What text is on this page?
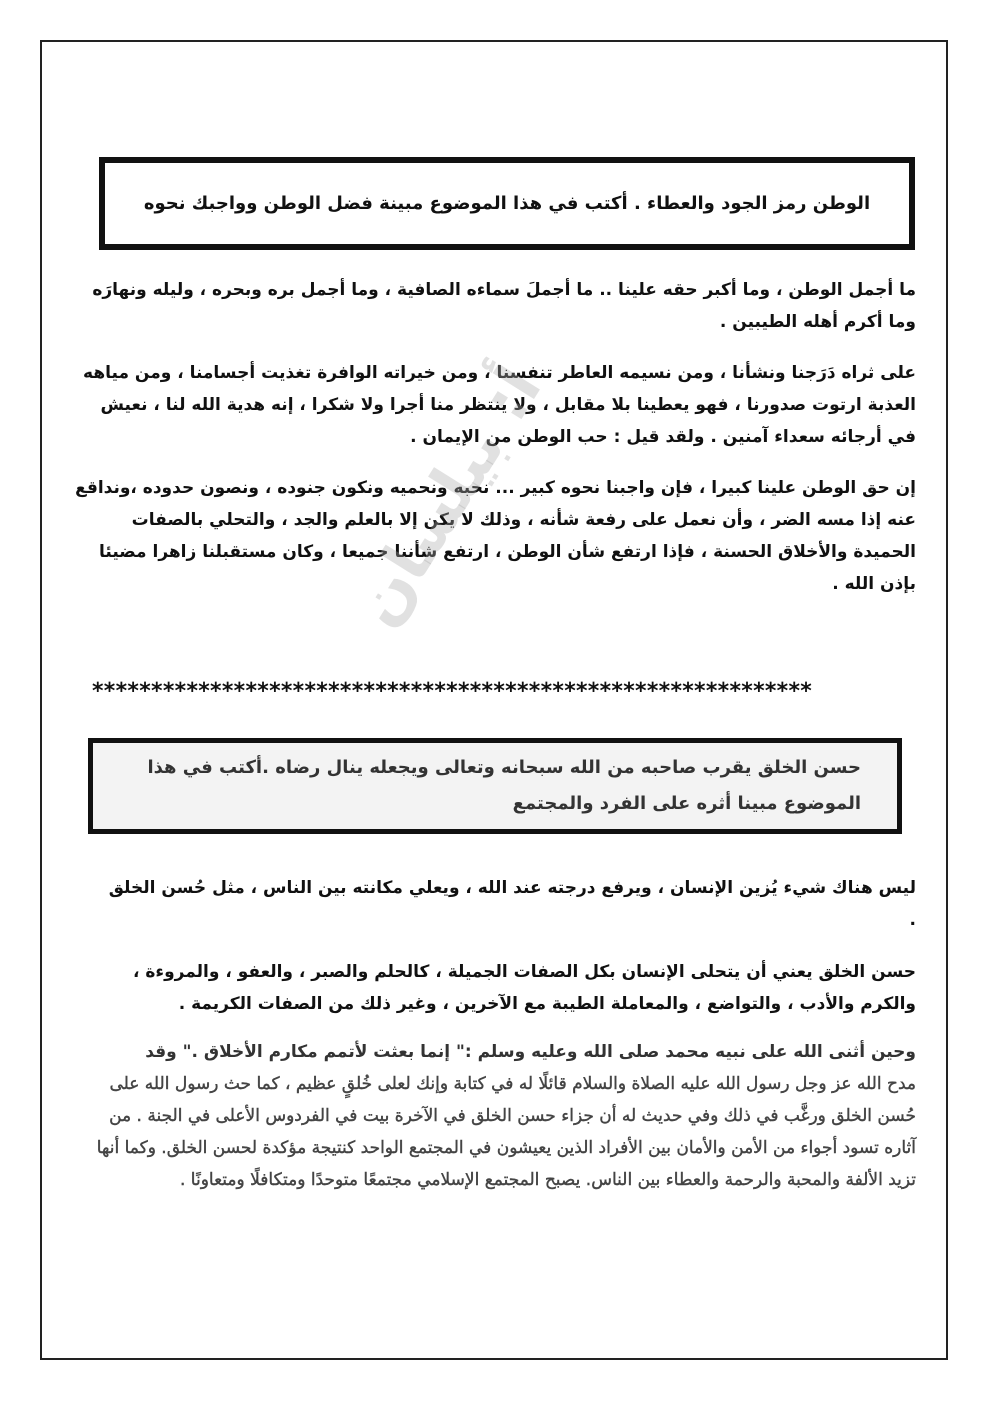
الوطن رمز الجود والعطاء . أكتب في هذا الموضوع مبينة فضل الوطن وواجبك نحوه

ما أجمل الوطن ، وما أكبر حقه علينا .. ما أجملَ سماءه الصافية ، وما أجمل بره وبحره ، وليله ونهارَه وما أكرم أهله الطيبين .

على ثراه دَرَجنا ونشأنا ، ومن نسيمه العاطر تنفسنا ، ومن خيراته الوافرة تغذيت أجسامنا ، ومن مياهه العذبة ارتوت صدورنا ، فهو يعطينا بلا مقابل ، ولا ينتظر منا أجرا ولا شكرا ، إنه هدية الله لنا ، نعيش في أرجائه سعداء آمنين . ولقد قيل : حب الوطن من الإيمان .

إن حق الوطن علينا كبيرا ، فإن واجبنا نحوه كبير ... نحبه ونحميه ونكون جنوده ، ونصون حدوده ،ونداقع عنه إذا مسه الضر ، وأن نعمل على رفعة شأنه ، وذلك لا يكن إلا بالعلم والجد ، والتحلي بالصفات الحميدة والأخلاق الحسنة ، فإذا ارتفع شأن الوطن ، ارتفع شأننا جميعا ، وكان مستقبلنا زاهرا مضيئا بإذن الله .

أ: بيلسان
*************************************************************
حسن الخلق يقرب صاحبه من الله سبحانه وتعالى ويجعله ينال رضاه .أكتب في هذا الموضوع مبينا أثره على الفرد والمجتمع

ليس هناك شيء يُزين الإنسان ، ويرفع درجته عند الله ، ويعلي مكانته بين الناس ، مثل حُسن الخلق .

حسن الخلق يعني أن يتحلى الإنسان بكل الصفات الجميلة ، كالحلم والصبر ، والعفو ، والمروءة ، والكرم والأدب ، والتواضع ، والمعاملة الطيبة مع الآخرين ، وغير ذلك من الصفات الكريمة .

وحين أثنى الله على نبيه محمد صلى الله وعليه وسلم :" إنما بعثت لأتمم مكارم الأخلاق ." وقد

مدح الله عز وجل رسول الله عليه الصلاة والسلام قائلًا له في كتابة وإنك لعلى خُلقٍ عظيم ، كما حث رسول الله على حُسن الخلق ورغَّب في ذلك وفي حديث له أن جزاء حسن الخلق في الآخرة بيت في الفردوس الأعلى في الجنة . من آثاره تسود أجواء من الأمن والأمان بين الأفراد الذين يعيشون في المجتمع الواحد كنتيجة مؤكدة لحسن الخلق. وكما أنها تزيد الألفة والمحبة والرحمة والعطاء بين الناس. يصبح المجتمع الإسلامي مجتمعًا متوحدًا ومتكافلًا ومتعاونًا .
